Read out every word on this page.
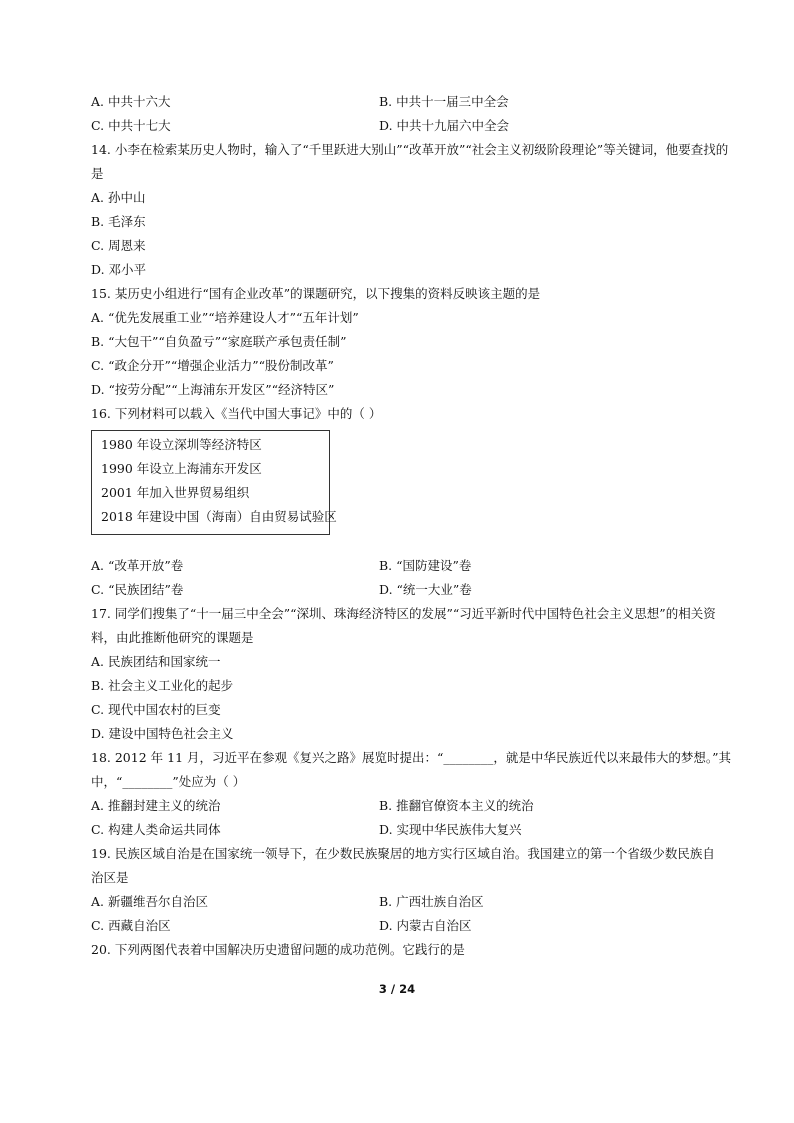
A. 中共十六大	B. 中共十一届三中全会
C. 中共十七大	D. 中共十九届六中全会
14. 小李在检索某历史人物时，输入了“千里跃进大别山”“改革开放”“社会主义初级阶段理论”等关键词，他要查找的
是
A. 孙中山
B. 毛泽东
C. 周恩来
D. 邓小平
15. 某历史小组进行“国有企业改革”的课题研究，以下搜集的资料反映该主题的是
A. “优先发展重工业”“培养建设人才”“五年计划”
B. “大包干”“自负盈亏”“家庭联产承包责任制”
C. “政企分开”“增强企业活力”“股份制改革”
D. “按劳分配”“上海浦东开发区”“经济特区”
16. 下列材料可以载入《当代中国大事记》中的（ ）
1980 年设立深圳等经济特区
1990 年设立上海浦东开发区
2001 年加入世界贸易组织
2018 年建设中国（海南）自由贸易试验区
A. “改革开放”卷	B. “国防建设”卷
C. “民族团结”卷	D. “统一大业”卷
17. 同学们搜集了“十一届三中全会”“深圳、珠海经济特区的发展”“习近平新时代中国特色社会主义思想”的相关资
料，由此推断他研究的课题是
A. 民族团结和国家统一
B. 社会主义工业化的起步
C. 现代中国农村的巨变
D. 建设中国特色社会主义
18. 2012 年 11 月，习近平在参观《复兴之路》展览时提出：“________，就是中华民族近代以来最伟大的梦想。”其
中，“________”处应为（ ）
A. 推翻封建主义的统治	B. 推翻官僚资本主义的统治
C. 构建人类命运共同体	D. 实现中华民族伟大复兴
19. 民族区域自治是在国家统一领导下，在少数民族聚居的地方实行区域自治。我国建立的第一个省级少数民族自
治区是
A. 新疆维吾尔自治区	B. 广西壮族自治区
C. 西藏自治区	D. 内蒙古自治区
20. 下列两图代表着中国解决历史遗留问题的成功范例。它践行的是
3 / 24
